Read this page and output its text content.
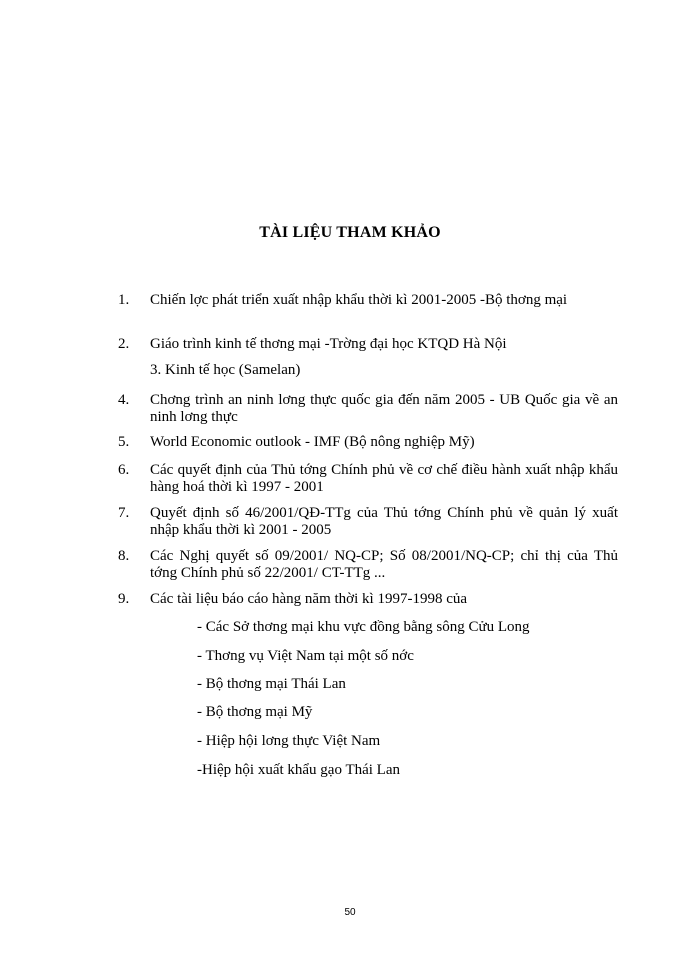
TÀI LIỆU THAM KHẢO
1.	Chiến lợc phát triển xuất nhập khẩu thời kì 2001-2005 -Bộ thơng mại
2.	Giáo trình kinh tế thơng mại -Trờng đại học KTQD Hà Nội
3. Kinh tế học (Samelan)
4.	Chơng trình an ninh lơng thực quốc gia đến năm 2005 - UB Quốc gia về an ninh lơng thực
5.	World Economic outlook - IMF (Bộ nông nghiệp Mỹ)
6.	Các quyết định của Thủ tớng Chính phủ về cơ chế điều hành xuất nhập khẩu hàng hoá thời kì 1997 - 2001
7.	Quyết định số 46/2001/QĐ-TTg của Thủ tớng Chính phủ về quản lý xuất nhập khẩu thời kì 2001 - 2005
8.	Các Nghị quyết số 09/2001/ NQ-CP; Số 08/2001/NQ-CP; chỉ thị của Thủ tớng Chính phủ số 22/2001/ CT-TTg ...
9.	Các tài liệu báo cáo hàng năm thời kì 1997-1998 của
- Các Sở thơng mại khu vực đồng bằng sông Cửu Long
- Thơng vụ Việt Nam tại một số nớc
- Bộ thơng mại Thái Lan
- Bộ thơng mại Mỹ
- Hiệp hội lơng thực Việt Nam
-Hiệp hội xuất khẩu gạo Thái Lan
50
